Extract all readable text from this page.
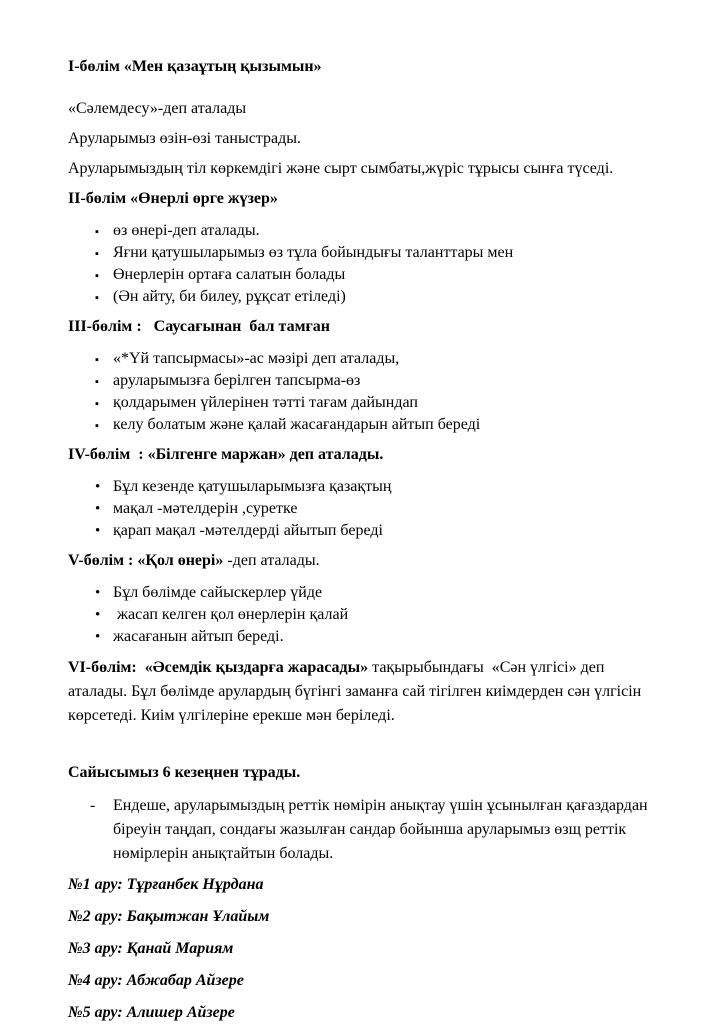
І-бөлім «Мен қазаұтың қызымын»

«Сәлемдесу»-деп аталады

Аруларымыз өзін-өзі таныстрады.

Аруларымыздың тіл көркемдігі және сырт сымбаты,жүріс тұрысы сынға түседі.

ІІ-бөлім «Өнерлі өрге жүзер»
▪ өз өнері-деп аталады.
▪ Яғни қатушыларымыз өз тұла бойындығы таланттары мен
▪ Өнерлерін ортаға салатын болады
▪ (Ән айту, би билеу, рұқсат етіледі)
ІІІ-бөлім :   Саусағынан  бал тамған
▪ «*Үй тапсырмасы»-ас мәзірі деп аталады,
▪ аруларымызға берілген тапсырма-өз
▪ қолдарымен үйлерінен тәтті тағам дайындап
▪ келу болатым және қалай жасағандарын айтып береді
IV-бөлім  : «Білгенге маржан» деп аталады.
• Бұл кезенде қатушыларымызға қазақтың
• мақал -мәтелдерін ,суретке
• қарап мақал -мәтелдерді айытып береді
V-бөлім : «Қол өнері» -деп аталады.
• Бұл бөлімде сайыскерлер үйде
• жасап келген қол өнерлерін қалай
• жасағанын айтып береді.

VI-бөлім:  «Әсемдік қыздарға жарасады» тақырыбындағы  «Сән үлгісі» деп аталады. Бұл бөлімде арулардың бүгінгі заманға сай тігілген киімдерден сән үлгісін көрсетеді. Киім үлгілеріне ерекше мән беріледі.

Сайысымыз 6 кезеңнен тұрады.
- Ендеше, аруларымыздың реттік нөмірін анықтау үшін ұсынылған қағаздардан біреуін таңдап, сондағы жазылған сандар бойынша аруларымыз өзщ реттік нөмірлерін анықтайтын болады.
№1 ару: Тұрғанбек Нұрдана
№2 ару: Бақытжан Ұлайым
№3 ару: Қанай Мариям
№4 ару: Абжабар Айзере
№5 ару: Алишер Айзере
